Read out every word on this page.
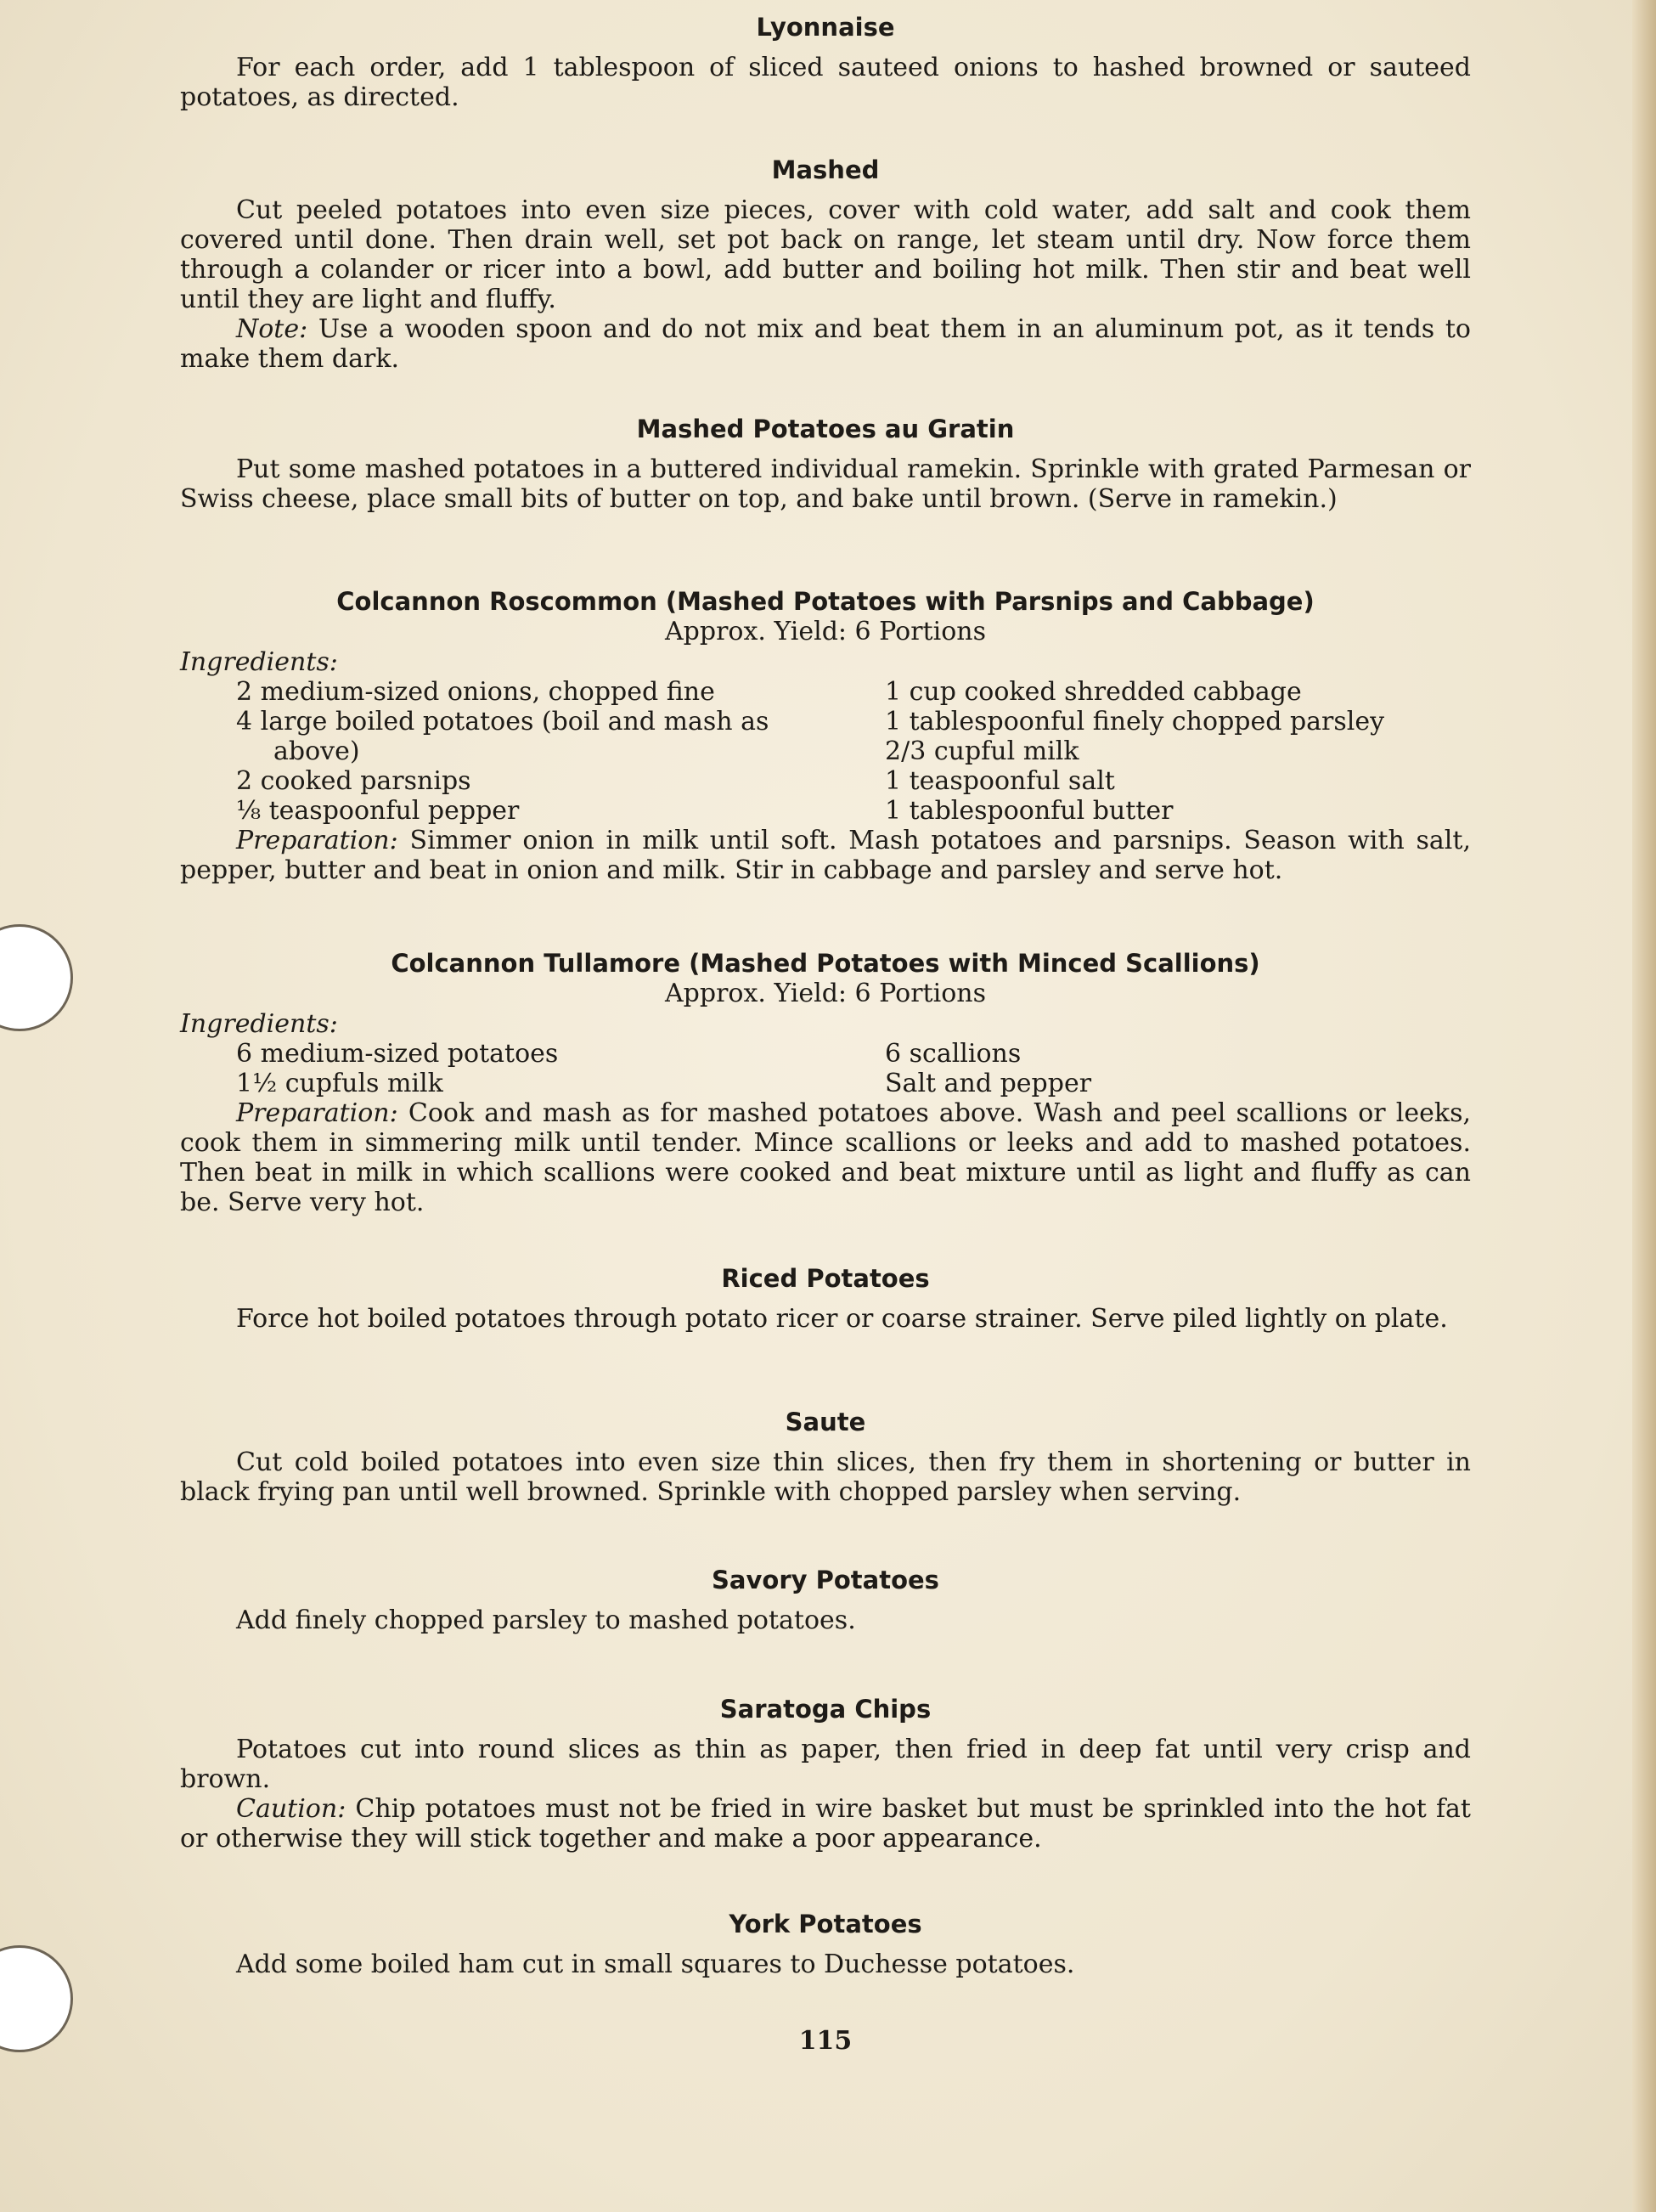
Lyonnaise

For each order, add 1 tablespoon of sliced sauteed onions to hashed browned or sauteed potatoes, as directed.

Mashed

Cut peeled potatoes into even size pieces, cover with cold water, add salt and cook them covered until done. Then drain well, set pot back on range, let steam until dry. Now force them through a colander or ricer into a bowl, add butter and boiling hot milk. Then stir and beat well until they are light and fluffy.

Note: Use a wooden spoon and do not mix and beat them in an aluminum pot, as it tends to make them dark.

Mashed Potatoes au Gratin

Put some mashed potatoes in a buttered individual ramekin. Sprinkle with grated Parmesan or Swiss cheese, place small bits of butter on top, and bake until brown. (Serve in ramekin.)

Colcannon Roscommon (Mashed Potatoes with Parsnips and Cabbage)
Approx. Yield: 6 Portions
Ingredients:
2 medium-sized onions, chopped fine	1 cup cooked shredded cabbage
4 large boiled potatoes (boil and mash as	1 tablespoonful finely chopped parsley
above)	2/3 cupful milk
2 cooked parsnips	1 teaspoonful salt
⅛ teaspoonful pepper	1 tablespoonful butter

Preparation: Simmer onion in milk until soft. Mash potatoes and parsnips. Season with salt, pepper, butter and beat in onion and milk. Stir in cabbage and parsley and serve hot.

Colcannon Tullamore (Mashed Potatoes with Minced Scallions)
Approx. Yield: 6 Portions
Ingredients:
6 medium-sized potatoes	6 scallions
1½ cupfuls milk	Salt and pepper

Preparation: Cook and mash as for mashed potatoes above. Wash and peel scallions or leeks, cook them in simmering milk until tender. Mince scallions or leeks and add to mashed potatoes. Then beat in milk in which scallions were cooked and beat mixture until as light and fluffy as can be. Serve very hot.

Riced Potatoes

Force hot boiled potatoes through potato ricer or coarse strainer. Serve piled lightly on plate.

Saute

Cut cold boiled potatoes into even size thin slices, then fry them in shortening or butter in black frying pan until well browned. Sprinkle with chopped parsley when serving.

Savory Potatoes

Add finely chopped parsley to mashed potatoes.

Saratoga Chips

Potatoes cut into round slices as thin as paper, then fried in deep fat until very crisp and brown.

Caution: Chip potatoes must not be fried in wire basket but must be sprinkled into the hot fat or otherwise they will stick together and make a poor appearance.

York Potatoes

Add some boiled ham cut in small squares to Duchesse potatoes.

115
